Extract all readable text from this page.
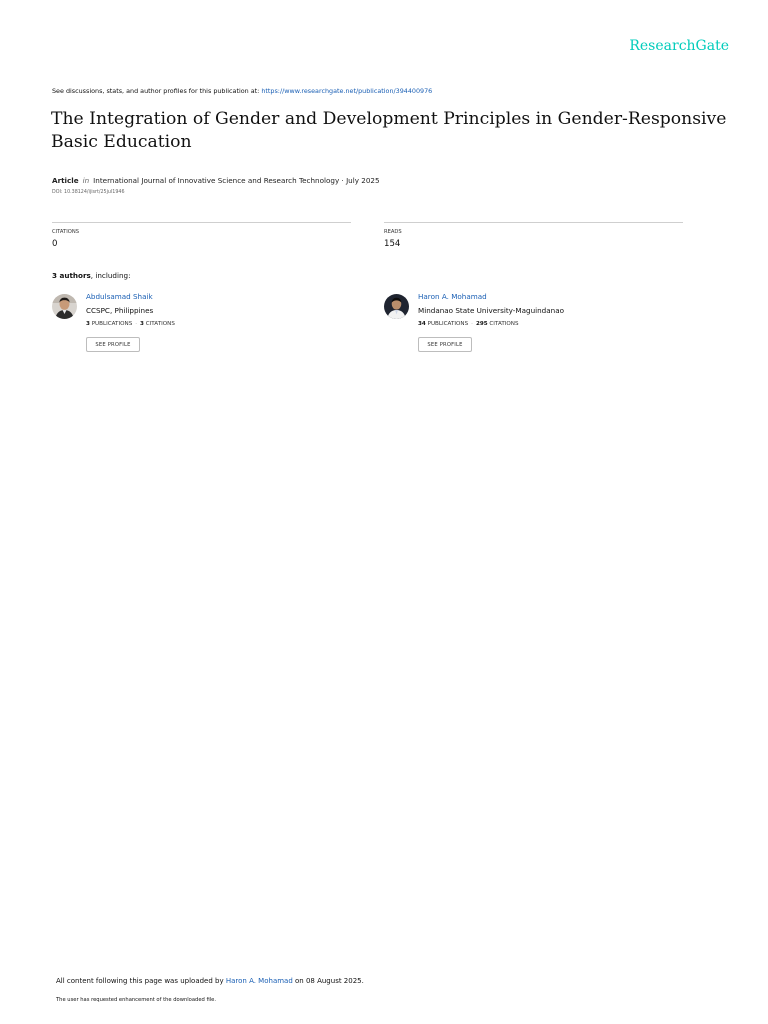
ResearchGate
See discussions, stats, and author profiles for this publication at: https://www.researchgate.net/publication/394400976
The Integration of Gender and Development Principles in Gender-Responsive Basic Education
Article in International Journal of Innovative Science and Research Technology · July 2025
DOI: 10.38124/ijisrt/25jul1946
CITATIONS
0
READS
154
3 authors, including:
Abdulsamad Shaik
CCSPC, Philippines
3 PUBLICATIONS · 3 CITATIONS
SEE PROFILE
Haron A. Mohamad
Mindanao State University-Maguindanao
34 PUBLICATIONS · 295 CITATIONS
SEE PROFILE
All content following this page was uploaded by Haron A. Mohamad on 08 August 2025.
The user has requested enhancement of the downloaded file.
